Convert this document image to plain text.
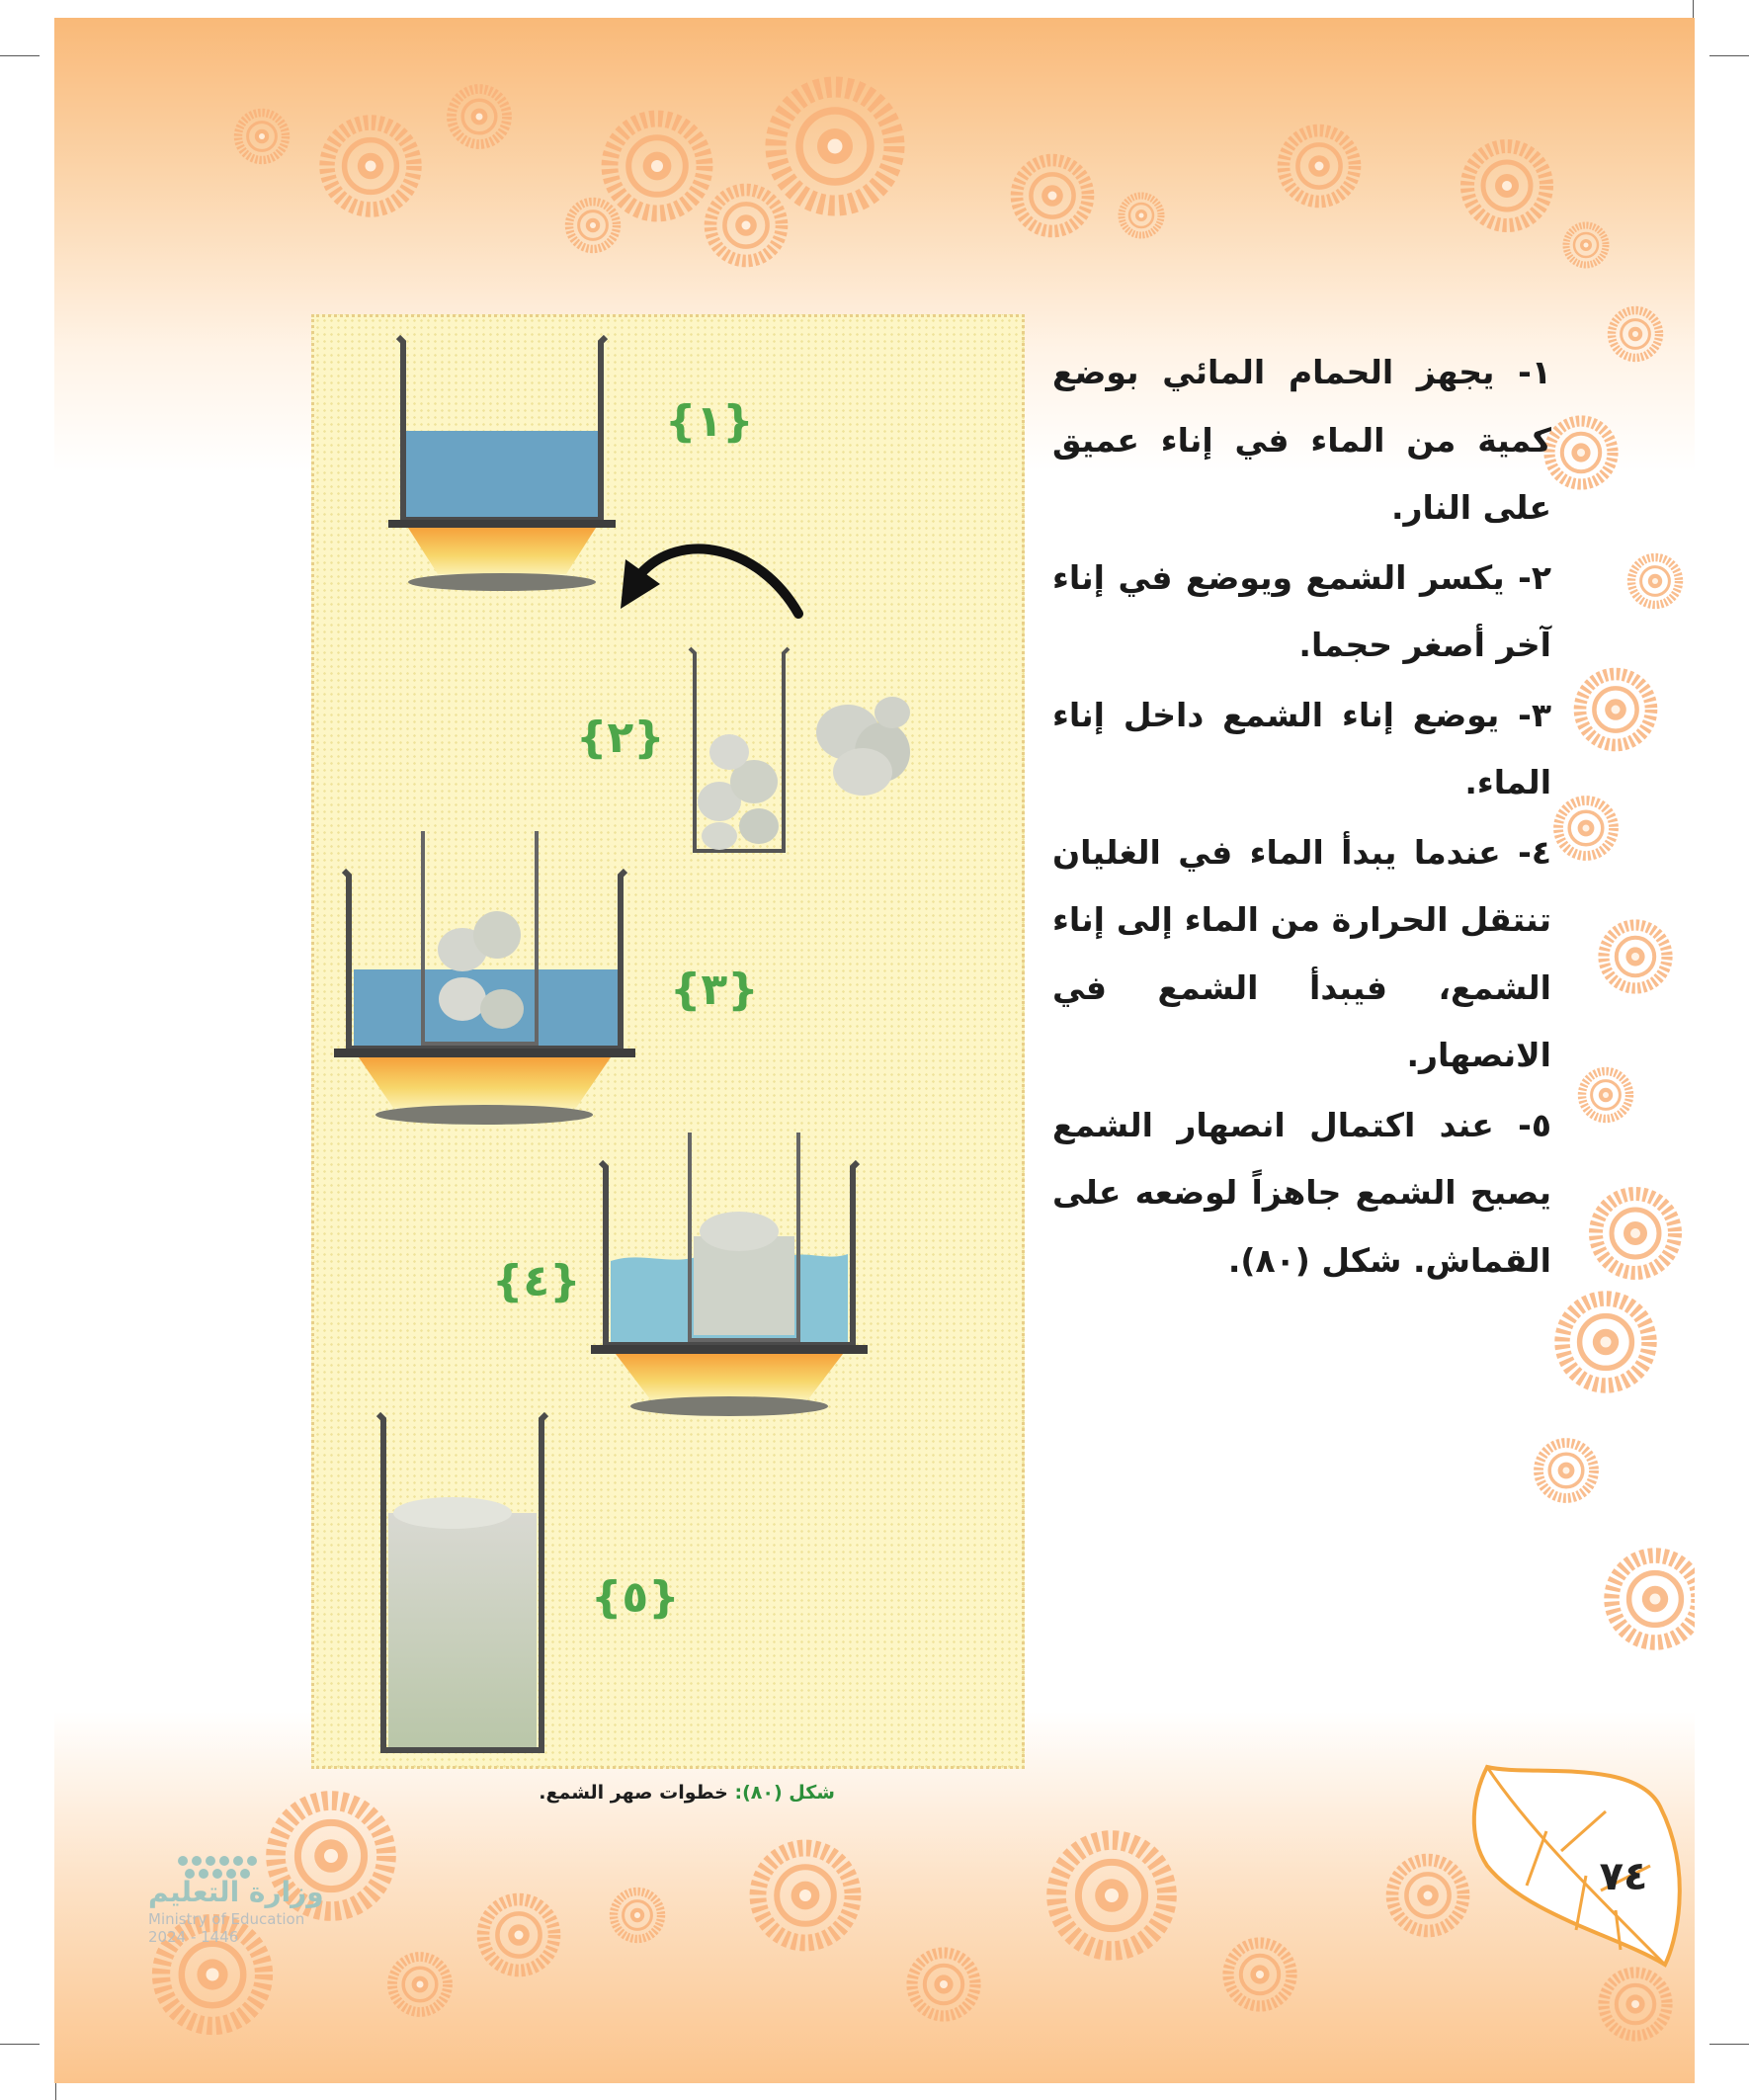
{١}
{٢}
{٣}
{٤}
{٥}

١- يجهز الحمام المائي بوضع كمية من الماء في إناء عميق على النار.

٢- يكسر الشمع ويوضع في إناء آخر أصغر حجما.

٣- يوضع إناء الشمع داخل إناء الماء.

٤- عندما يبدأ الماء في الغليان تنتقل الحرارة من الماء إلى إناء الشمع، فيبدأ الشمع في الانصهار.

٥- عند اكتمال انصهار الشمع يصبح الشمع جاهزاً لوضعه على القماش. شكل (٨٠).

شكل (٨٠): خطوات صهر الشمع.
٧٤
وزارة التعليم
Ministry of Education
2024 - 1446
